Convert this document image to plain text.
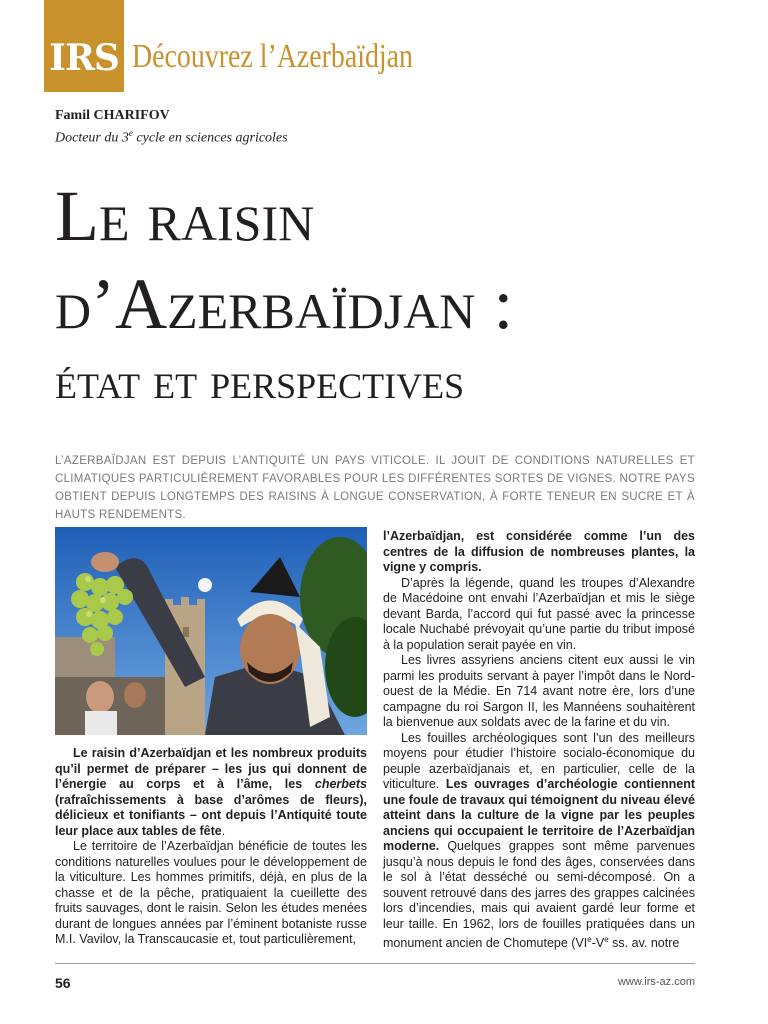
IRS Découvrez l’Azerbaïdjan
Famil CHARIFOV
Docteur du 3e cycle en sciences agricoles
Le raisin
d’Azerbaïdjan :
état et perspectives
L’AZERBAÏDJAN EST DEPUIS L’ANTIQUITÉ UN PAYS VITICOLE. IL JOUIT DE CONDITIONS NATURELLES ET CLIMATIQUES PARTICULIÈREMENT FAVORABLES POUR LES DIFFÉRENTES SORTES DE VIGNES. NOTRE PAYS OBTIENT DEPUIS LONGTEMPS DES RAISINS À LONGUE CONSERVATION, À FORTE TENEUR EN SUCRE ET À HAUTS RENDEMENTS.

Le raisin d’Azerbaïdjan et les nombreux produits qu’il permet de préparer – les jus qui donnent de l’énergie au corps et à l’âme, les cherbets (rafraîchissements à base d’arômes de fleurs), délicieux et tonifiants – ont depuis l’Antiquité toute leur place aux tables de fête.

Le territoire de l’Azerbaïdjan bénéficie de toutes les conditions naturelles voulues pour le développement de la viticulture. Les hommes primitifs, déjà, en plus de la chasse et de la pêche, pratiquaient la cueillette des fruits sauvages, dont le raisin. Selon les études menées durant de longues années par l’éminent botaniste russe M.I. Vavilov, la Transcaucasie et, tout particulièrement,

l’Azerbaïdjan, est considérée comme l’un des centres de la diffusion de nombreuses plantes, la vigne y compris.

D’après la légende, quand les troupes d’Alexandre de Macédoine ont envahi l’Azerbaïdjan et mis le siège devant Barda, l’accord qui fut passé avec la princesse locale Nuchabé prévoyait qu’une partie du tribut imposé à la population serait payée en vin.

Les livres assyriens anciens citent eux aussi le vin parmi les produits servant à payer l’impôt dans le Nord-ouest de la Médie. En 714 avant notre ère, lors d’une campagne du roi Sargon II, les Mannéens souhaitèrent la bienvenue aux soldats avec de la farine et du vin.

Les fouilles archéologiques sont l’un des meilleurs moyens pour étudier l’histoire socialo-économique du peuple azerbaïdjanais et, en particulier, celle de la viticulture. Les ouvrages d’archéologie contiennent une foule de travaux qui témoignent du niveau élevé atteint dans la culture de la vigne par les peuples anciens qui occupaient le territoire de l’Azerbaïdjan moderne. Quelques grappes sont même parvenues jusqu’à nous depuis le fond des âges, conservées dans le sol à l’état desséché ou semi-décomposé. On a souvent retrouvé dans des jarres des grappes calcinées lors d’incendies, mais qui avaient gardé leur forme et leur taille. En 1962, lors de fouilles pratiquées dans un monument ancien de Chomutepe (VIe-Ve ss. av. notre

56	www.irs-az.com
